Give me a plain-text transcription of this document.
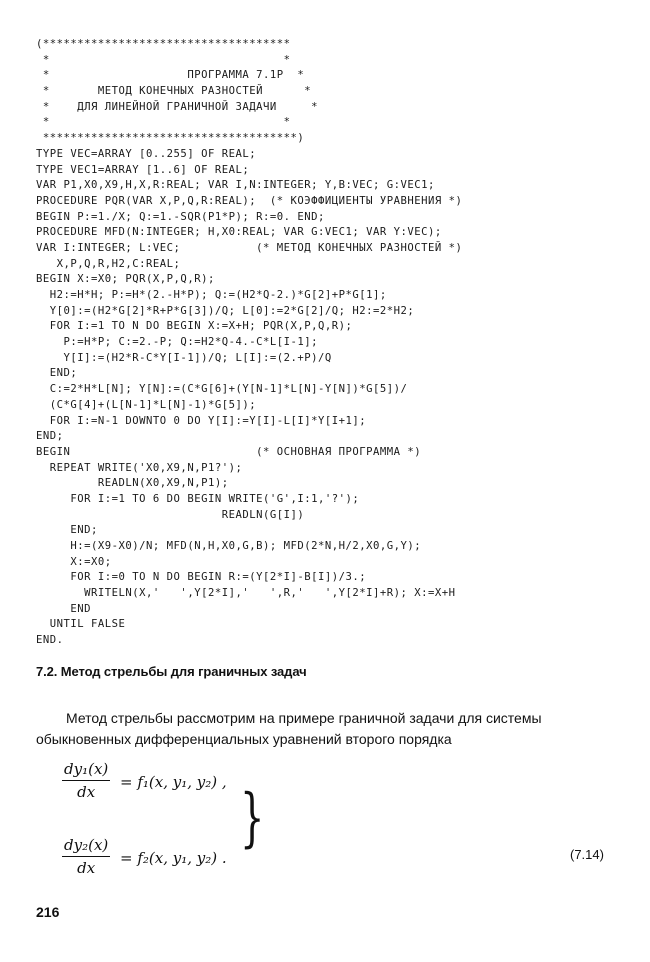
(************************************
*                                  *
*                    ПРОГРАММА 7.1Р  *
*       МЕТОД КОНЕЧНЫХ РАЗНОСТЕЙ      *
*    ДЛЯ ЛИНЕЙНОЙ ГРАНИЧНОЙ ЗАДАЧИ     *
*                                  *
*************************************)
TYPE VEC=ARRAY [0..255] OF REAL;
TYPE VEC1=ARRAY [1..6] OF REAL;
VAR P1,X0,X9,H,X,R:REAL; VAR I,N:INTEGER; Y,B:VEC; G:VEC1;
PROCEDURE PQR(VAR X,P,Q,R:REAL);  (* КОЭФФИЦИЕНТЫ УРАВНЕНИЯ *)
BEGIN P:=1./X; Q:=1.-SQR(P1*P); R:=0. END;
PROCEDURE MFD(N:INTEGER; H,X0:REAL; VAR G:VEC1; VAR Y:VEC);
VAR I:INTEGER; L:VEC;           (* МЕТОД КОНЕЧНЫХ РАЗНОСТЕЙ *)
X,P,Q,R,H2,C:REAL;
BEGIN X:=X0; PQR(X,P,Q,R);
H2:=H*H; P:=H*(2.-H*P); Q:=(H2*Q-2.)*G[2]+P*G[1];
Y[0]:=(H2*G[2]*R+P*G[3])/Q; L[0]:=2*G[2]/Q; H2:=2*H2;
FOR I:=1 TO N DO BEGIN X:=X+H; PQR(X,P,Q,R);
P:=H*P; C:=2.-P; Q:=H2*Q-4.-C*L[I-1];
Y[I]:=(H2*R-C*Y[I-1])/Q; L[I]:=(2.+P)/Q
END;
C:=2*H*L[N]; Y[N]:=(C*G[6]+(Y[N-1]*L[N]-Y[N])*G[5])/
(C*G[4]+(L[N-1]*L[N]-1)*G[5]);
FOR I:=N-1 DOWNTO 0 DO Y[I]:=Y[I]-L[I]*Y[I+1];
END;
BEGIN                           (* ОСНОВНАЯ ПРОГРАММА *)
REPEAT WRITE('X0,X9,N,P1?');
READLN(X0,X9,N,P1);
FOR I:=1 TO 6 DO BEGIN WRITE('G',I:1,'?');
READLN(G[I])
END;
H:=(X9-X0)/N; MFD(N,H,X0,G,B); MFD(2*N,H/2,X0,G,Y);
X:=X0;
FOR I:=0 TO N DO BEGIN R:=(Y[2*I]-B[I])/3.;
WRITELN(X,'   ',Y[2*I],'   ',R,'   ',Y[2*I]+R); X:=X+H
END
UNTIL FALSE
END.
7.2. Метод стрельбы для граничных задач
Метод стрельбы рассмотрим на примере граничной задачи для системы
обыкновенных дифференциальных уравнений второго порядка
$\frac{\text{dy₁(x)}}{dx} = f_1(x$, y₁, y₂) , }
$\frac{\text{dy₂(x)}}{dx} = f_2(x$, y₁, y₂) .	(7.14)
216
